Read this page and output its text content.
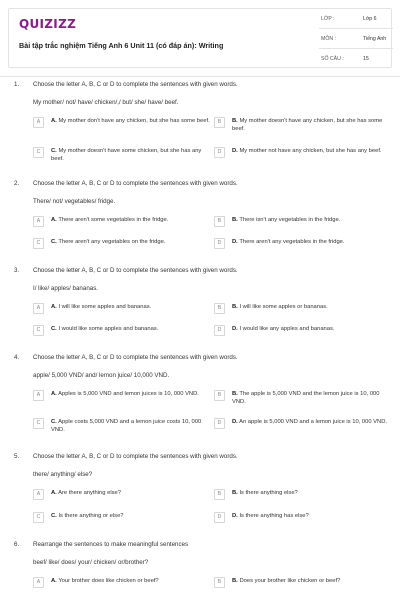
QUIZIZZ
Bài tập trắc nghiệm Tiếng Anh 6 Unit 11 (có đáp án): Writing
LỚP :	Lớp 6
MÔN :	Tiếng Anh
SỐ CÂU :	15
1. Choose the letter A, B, C or D to complete the sentences with given words.
My mother/ not/ have/ chicken/,/ but/ she/ have/ beef.
A	A. My mother don't have any chicken, but she has some beef.	B	B. My mother doesn't have any chicken, but she has some beef.
C	C. My mother doesn't have some chicken, but she has any beef.
D	D. My mother not have any chicken, but she has any beef.
2. Choose the letter A, B, C or D to complete the sentences with given words.
There/ not/ vegetables/ fridge.
A	A. There aren't some vegetables in the fridge.	B	B. There isn't any vegetables in the fridge.
C	C. There aren't any vegetables on the fridge.	D	D. There aren't any vegetables in the fridge.
3. Choose the letter A, B, C or D to complete the sentences with given words.
I/ like/ apples/ bananas.
A	A. I will like some apples and bananas.	B	B. I will like some apples or bananas.
C	C. I would like some apples and bananas.	D	D. I would like any apples and bananas.
4. Choose the letter A, B, C or D to complete the sentences with given words.
apple/ 5,000 VND/ and/ lemon juice/ 10,000 VND.
A	A. Apples is 5,000 VND and lemon juices is 10, 000 VND.	B	B. The apple is 5,000 VND and the lemon juice is 10, 000 VND.
C	C. Apple costs 5,000 VND and a lemon juice costs 10, 000 VND.
D	D. An apple is 5,000 VND and a lemon juice is 10, 000 VND.
5. Choose the letter A, B, C or D to complete the sentences with given words.
there/ anything/ else?
A	A. Are there anything else?	B	B. Is there anything else?
C	C. Is there anything or else?	D	D. Is there anything has else?
6. Rearrange the sentences to make meaningful sentences
beef/ like/ does/ your/ chicken/ or/brother?
A	A. Your brother does like chicken or beef?	B	B. Does your brother like chicken or beef?
